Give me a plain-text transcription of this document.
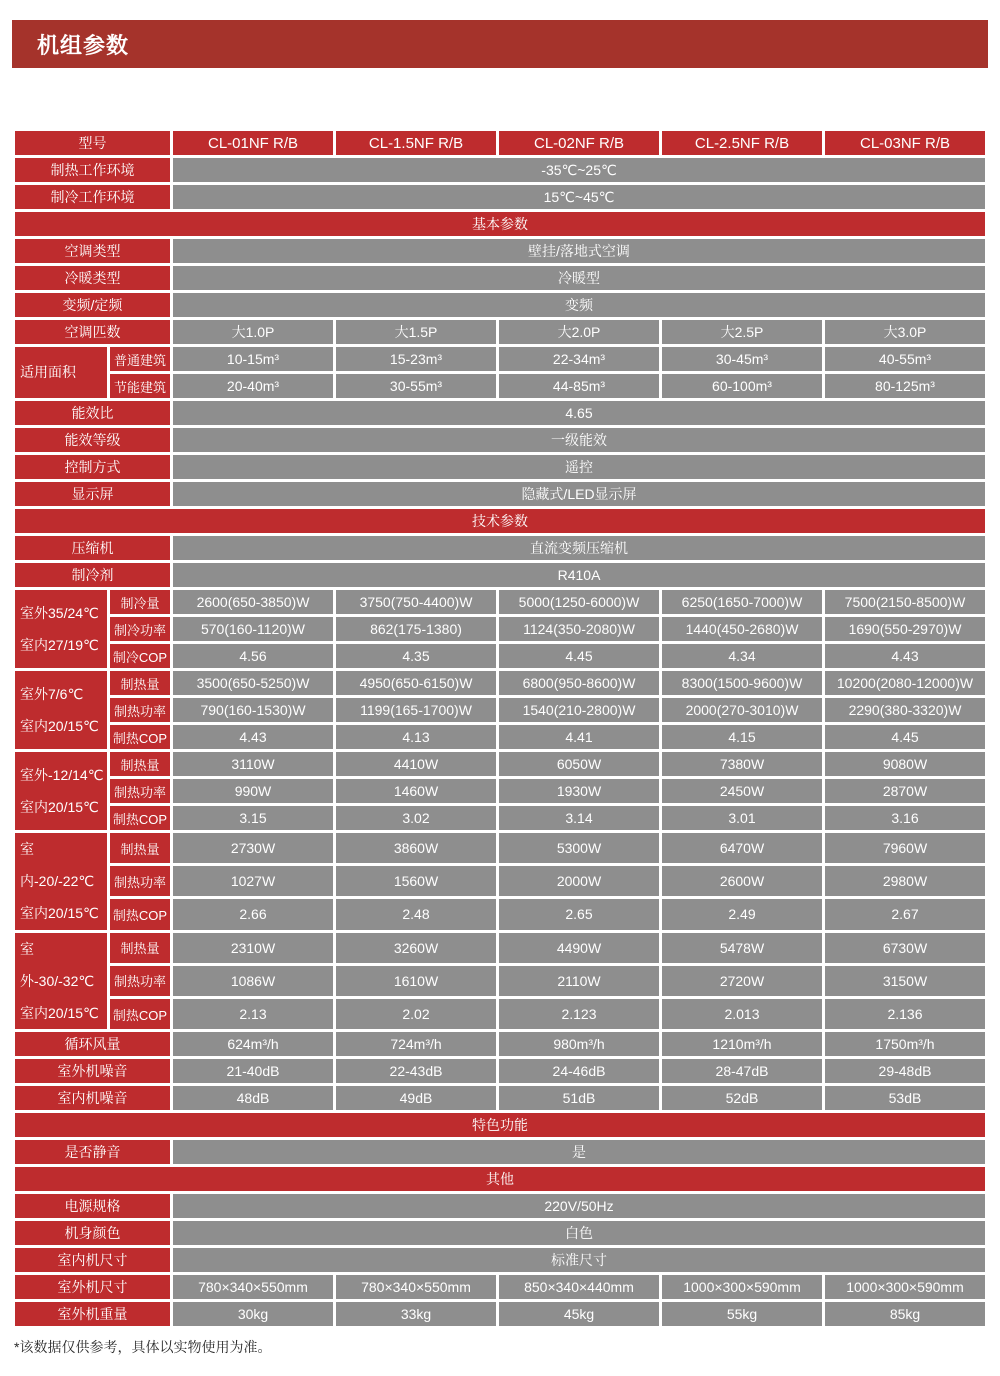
机组参数
型号		CL-01NF R/B	CL-1.5NF R/B	CL-02NF R/B	CL-2.5NF R/B	CL-03NF R/B
制热工作环境		-35℃~25℃				
制冷工作环境		15℃~45℃				
基本参数						
空调类型		壁挂/落地式空调				
冷暖类型		冷暖型				
变频/定频		变频				
空调匹数		大1.0P	大1.5P	大2.0P	大2.5P	大3.0P

适用面积	普通建筑	10-15m³	15-23m³	22-34m³	30-45m³	40-55m³
	节能建筑	20-40m³	30-55m³	44-85m³	60-100m³	80-125m³
能效比		4.65				
能效等级		一级能效				
控制方式		遥控				
显示屏		隐藏式/LED显示屏				
技术参数						
压缩机		直流变频压缩机				
制冷剂		R410A				

室外35/24℃
室内27/19℃	制冷量	2600(650-3850)W	3750(750-4400)W	5000(1250-6000)W	6250(1650-7000)W	7500(2150-8500)W
	制冷功率	570(160-1120)W	862(175-1380)	1124(350-2080)W	1440(450-2680)W	1690(550-2970)W
	制冷COP	4.56	4.35	4.45	4.34	4.43

室外7/6℃
室内20/15℃	制热量	3500(650-5250)W	4950(650-6150)W	6800(950-8600)W	8300(1500-9600)W	10200(2080-12000)W
	制热功率	790(160-1530)W	1199(165-1700)W	1540(210-2800)W	2000(270-3010)W	2290(380-3320)W
	制热COP	4.43	4.13	4.41	4.15	4.45

室外-12/14℃
室内20/15℃	制热量	3110W	4410W	6050W	7380W	9080W
	制热功率	990W	1460W	1930W	2450W	2870W
	制热COP	3.15	3.02	3.14	3.01	3.16

室内-20/-22℃
室内20/15℃	制热量	2730W	3860W	5300W	6470W	7960W
	制热功率	1027W	1560W	2000W	2600W	2980W
	制热COP	2.66	2.48	2.65	2.49	2.67

室外-30/-32℃
室内20/15℃	制热量	2310W	3260W	4490W	5478W	6730W
	制热功率	1086W	1610W	2110W	2720W	3150W
	制热COP	2.13	2.02	2.123	2.013	2.136
循环风量		624m³/h	724m³/h	980m³/h	1210m³/h	1750m³/h
室外机噪音		21-40dB	22-43dB	24-46dB	28-47dB	29-48dB
室内机噪音		48dB	49dB	51dB	52dB	53dB
特色功能						
是否静音		是				
其他						
电源规格		220V/50Hz				
机身颜色		白色				
室内机尺寸		标准尺寸				
室外机尺寸		780×340×550mm	780×340×550mm	850×340×440mm	1000×300×590mm	1000×300×590mm
室外机重量		30kg	33kg	45kg	55kg	85kg
*该数据仅供参考，具体以实物使用为准。
